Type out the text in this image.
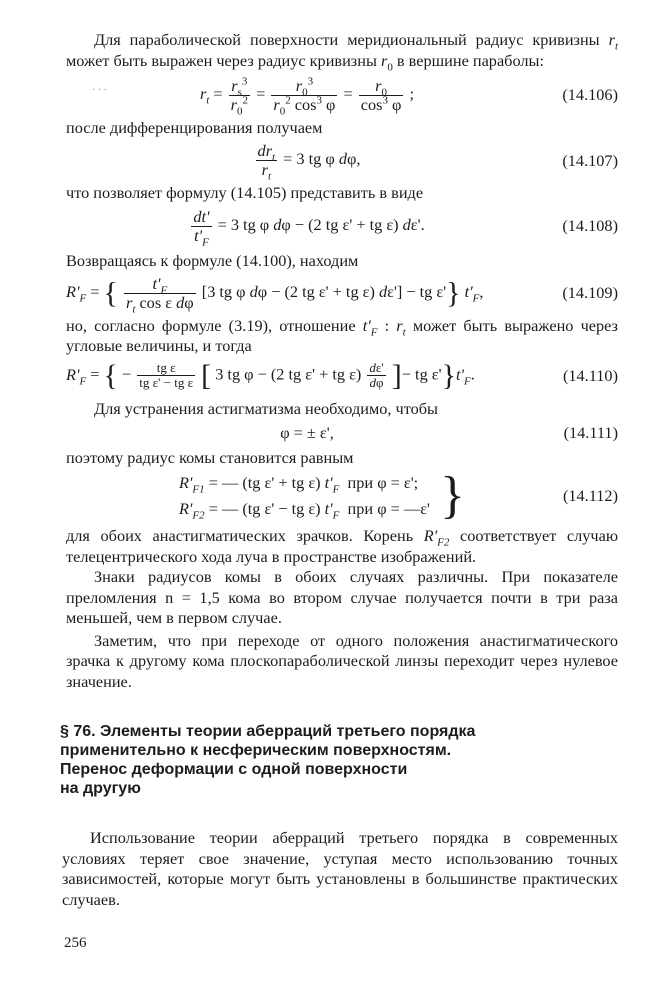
Для параболической поверхности меридиональный радиус кривизны $r_t$ может быть выражен через радиус кривизны $r_0$ в вершине параболы:

· · ·	$r_t = \frac{r_s^3}{r_0^2} = \frac{r_0^3}{r_0^2 \cos^3 \varphi} = \frac{r_0}{\cos^3 \varphi}$ ;	(14.106)

после дифференцирования получаем

$\frac{dr_t}{r_t} = 3$ tg φ dφ,	(14.107)

что позволяет формулу (14.105) представить в виде

$\frac{dt'}{t'_F} = 3$ tg φ dφ − (2 tg ε' + tg ε) dε'.	(14.108)

Возвращаясь к формуле (14.100), находим

$R'_F$ = { $\frac{t'_F}{r_t \cos \varepsilon d\varphi} [3$ tg φ dφ − (2 tg ε' + tg ε) dε'] − tg ε'} $t'_F$,	(14.109)

но, согласно формуле (3.19), отношение $t'_F$ : $r_t$ может быть выражено через угловые величины, и тогда

$R'_F$ = { − $\frac{\text{tg ε}}{\text{tg ε' − tg ε}}$ [ 3 tg φ − (2 tg ε' + tg $\varepsilon) \frac{d\varepsilon'}{d\varphi}$ ]− tg $\varepsilon'\}t'_F$.	(14.110)

Для устранения астигматизма необходимо, чтобы

φ = ± ε',	(14.111)

поэтому радиус комы становится равным

$R'_{F1}$ = — (tg ε' + tg ε) $t'_F$ при φ = ε';
$R'_{F2}$ = — (tg ε' − tg ε) $t'_F$ при φ = —ε' }	(14.112)

для обоих анастигматических зрачков. Корень $R'_{F2}$ соответствует случаю телецентрического хода луча в пространстве изображений.

Знаки радиусов комы в обоих случаях различны. При показателе преломления n = 1,5 кома во втором случае получается почти в три раза меньшей, чем в первом случае.

Заметим, что при переходе от одного положения анастигматического зрачка к другому кома плоскопараболической линзы переходит через нулевое значение.

§ 76. Элементы теории аберраций третьего порядка
применительно к несферическим поверхностям.
Перенос деформации с одной поверхности
на другую

Использование теории аберраций третьего порядка в современных условиях теряет свое значение, уступая место использованию точных зависимостей, которые могут быть установлены в большинстве практических случаев.

256
